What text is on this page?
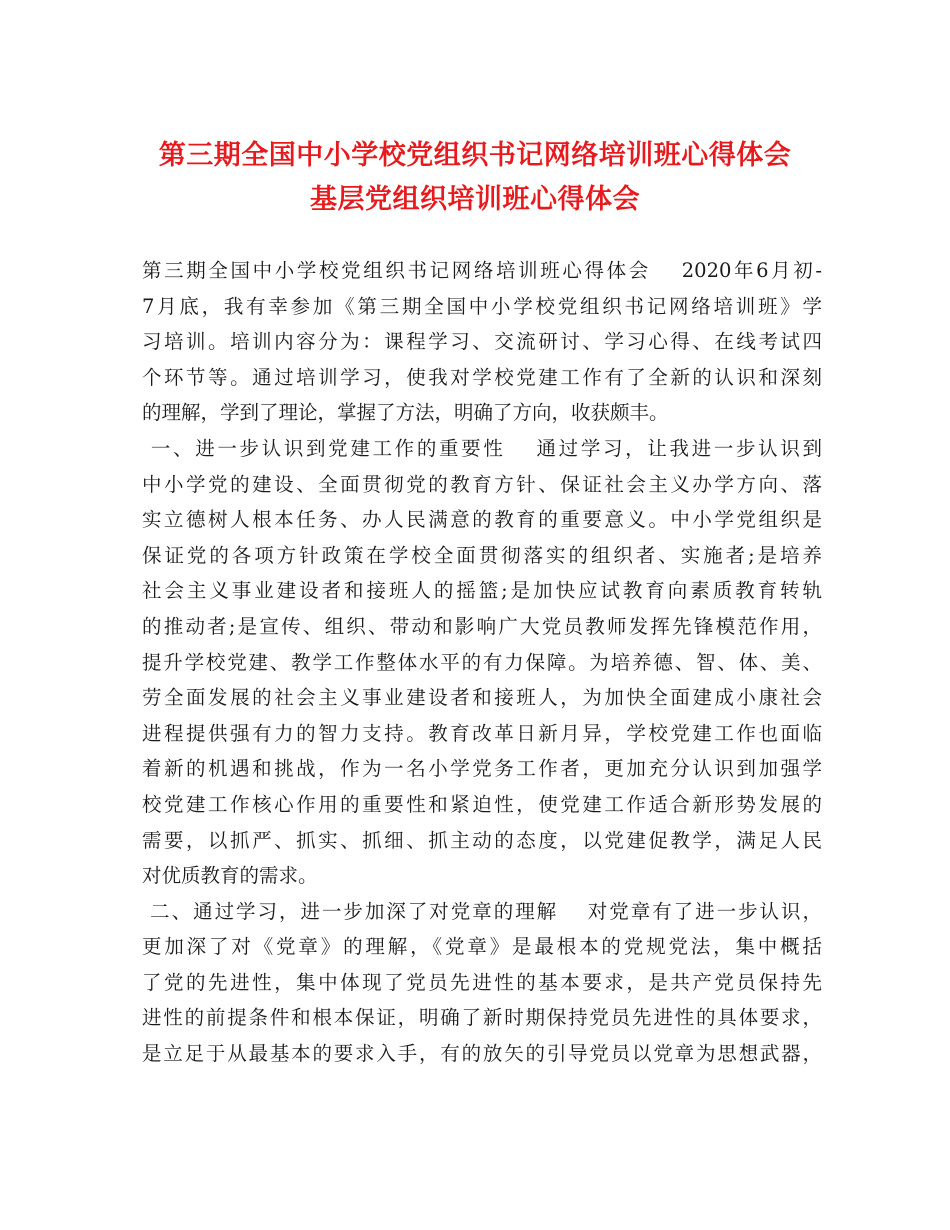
第三期全国中小学校党组织书记网络培训班心得体会
基层党组织培训班心得体会
第三期全国中小学校党组织书记网络培训班心得体会　 2020年6月初-
7月底，我有幸参加《第三期全国中小学校党组织书记网络培训班》学
习培训。培训内容分为：课程学习、交流研讨、学习心得、在线考试四
个环节等。通过培训学习，使我对学校党建工作有了全新的认识和深刻
的理解，学到了理论，掌握了方法，明确了方向，收获颇丰。
一、进一步认识到党建工作的重要性　 通过学习，让我进一步认识到
中小学党的建设、全面贯彻党的教育方针、保证社会主义办学方向、落
实立德树人根本任务、办人民满意的教育的重要意义。中小学党组织是
保证党的各项方针政策在学校全面贯彻落实的组织者、实施者;是培养
社会主义事业建设者和接班人的摇篮;是加快应试教育向素质教育转轨
的推动者;是宣传、组织、带动和影响广大党员教师发挥先锋模范作用，
提升学校党建、教学工作整体水平的有力保障。为培养德、智、体、美、
劳全面发展的社会主义事业建设者和接班人，为加快全面建成小康社会
进程提供强有力的智力支持。教育改革日新月异，学校党建工作也面临
着新的机遇和挑战，作为一名小学党务工作者，更加充分认识到加强学
校党建工作核心作用的重要性和紧迫性，使党建工作适合新形势发展的
需要，以抓严、抓实、抓细、抓主动的态度，以党建促教学，满足人民
对优质教育的需求。
二、通过学习，进一步加深了对党章的理解　 对党章有了进一步认识，
更加深了对《党章》的理解，《党章》是最根本的党规党法，集中概括
了党的先进性，集中体现了党员先进性的基本要求，是共产党员保持先
进性的前提条件和根本保证，明确了新时期保持党员先进性的具体要求，
是立足于从最基本的要求入手，有的放矢的引导党员以党章为思想武器，
